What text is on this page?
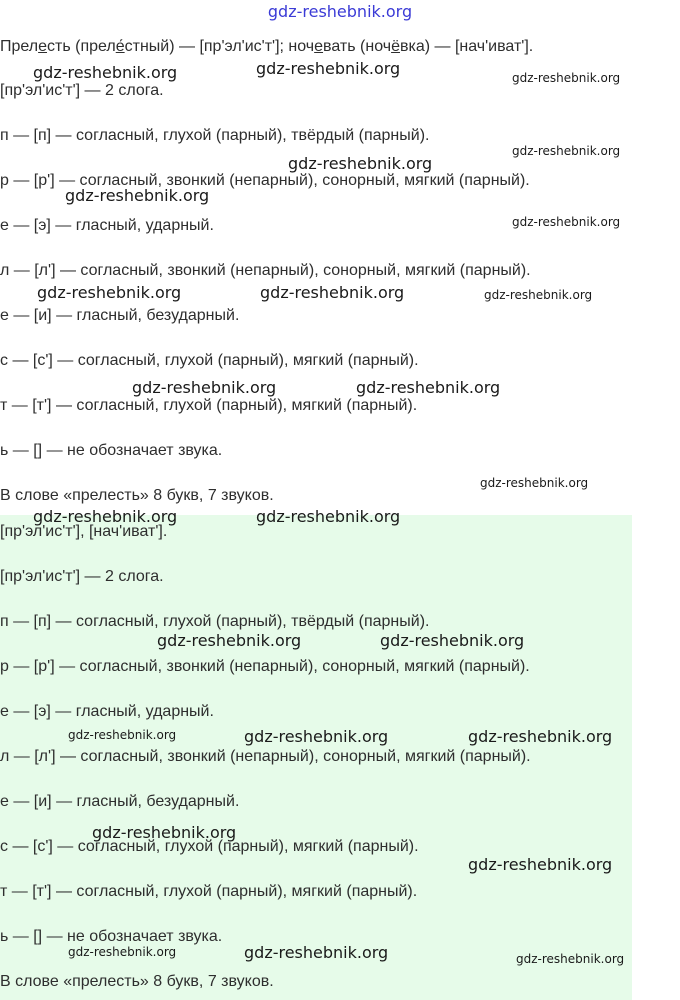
gdz-reshebnik.org
Прелесть (преле́стный) — [пр'эл'ис'т']; ночевать (ночёвка) — [нач'иват'].
[пр'эл'ис'т'] — 2 слога.
п — [п] — согласный, глухой (парный), твёрдый (парный).
р — [р'] — согласный, звонкий (непарный), сонорный, мягкий (парный).
е — [э] — гласный, ударный.
л — [л'] — согласный, звонкий (непарный), сонорный, мягкий (парный).
е — [и] — гласный, безударный.
с — [с'] — согласный, глухой (парный), мягкий (парный).
т — [т'] — согласный, глухой (парный), мягкий (парный).
ь — [] — не обозначает звука.
В слове «прелесть» 8 букв, 7 звуков.
[пр'эл'ис'т'], [нач'иват'].
[пр'эл'ис'т'] — 2 слога.
п — [п] — согласный, глухой (парный), твёрдый (парный).
р — [р'] — согласный, звонкий (непарный), сонорный, мягкий (парный).
е — [э] — гласный, ударный.
л — [л'] — согласный, звонкий (непарный), сонорный, мягкий (парный).
е — [и] — гласный, безударный.
с — [с'] — согласный, глухой (парный), мягкий (парный).
т — [т'] — согласный, глухой (парный), мягкий (парный).
ь — [] — не обозначает звука.
В слове «прелесть» 8 букв, 7 звуков.
gdz-reshebnik.org	gdz-reshebnik.org	gdz-reshebnik.org
gdz-reshebnik.org
gdz-reshebnik.org
gdz-reshebnik.org
gdz-reshebnik.org
gdz-reshebnik.org	gdz-reshebnik.org	gdz-reshebnik.org
gdz-reshebnik.org	gdz-reshebnik.org
gdz-reshebnik.org
gdz-reshebnik.org	gdz-reshebnik.org
gdz-reshebnik.org	gdz-reshebnik.org
gdz-reshebnik.org	gdz-reshebnik.org	gdz-reshebnik.org
gdz-reshebnik.org
gdz-reshebnik.org
gdz-reshebnik.org	gdz-reshebnik.org	gdz-reshebnik.org
